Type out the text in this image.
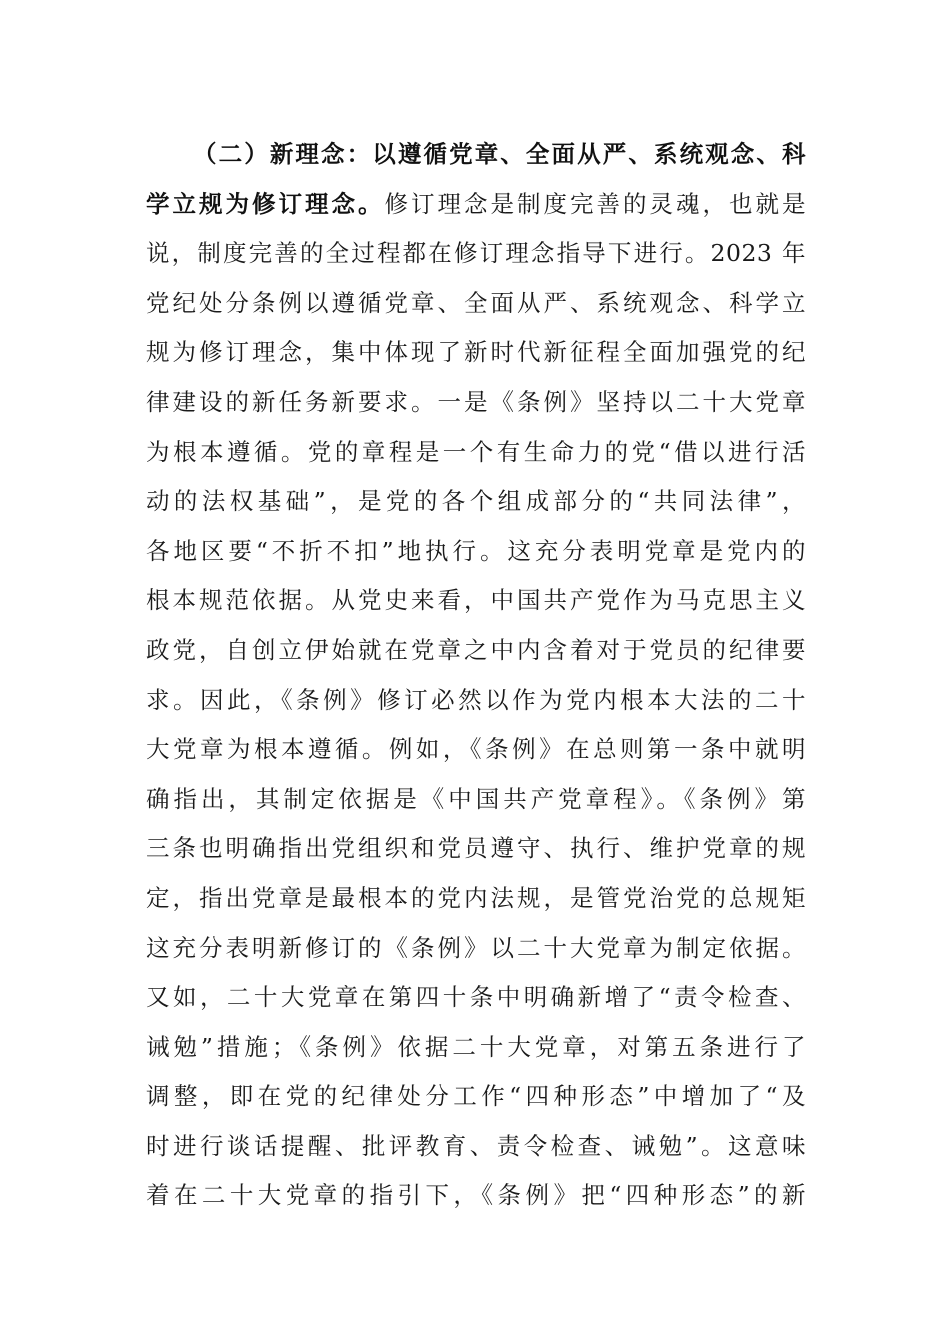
（二）新理念：以遵循党章、全面从严、系统观念、科
学立规为修订理念。修订理念是制度完善的灵魂，也就是
说，制度完善的全过程都在修订理念指导下进行。2023 年
党纪处分条例以遵循党章、全面从严、系统观念、科学立
规为修订理念，集中体现了新时代新征程全面加强党的纪
律建设的新任务新要求。一是《条例》坚持以二十大党章
为根本遵循。党的章程是一个有生命力的党“借以进行活
动的法权基础”，是党的各个组成部分的“共同法律”，
各地区要“不折不扣”地执行。这充分表明党章是党内的
根本规范依据。从党史来看，中国共产党作为马克思主义
政党，自创立伊始就在党章之中内含着对于党员的纪律要
求。因此，《条例》修订必然以作为党内根本大法的二十
大党章为根本遵循。例如，《条例》在总则第一条中就明
确指出，其制定依据是《中国共产党章程》。《条例》第
三条也明确指出党组织和党员遵守、执行、维护党章的规
定，指出党章是最根本的党内法规，是管党治党的总规矩
这充分表明新修订的《条例》以二十大党章为制定依据。
又如，二十大党章在第四十条中明确新增了“责令检查、
诫勉”措施；《条例》依据二十大党章，对第五条进行了
调整，即在党的纪律处分工作“四种形态”中增加了“及
时进行谈话提醒、批评教育、责令检查、诫勉”。这意味
着在二十大党章的指引下，《条例》把“四种形态”的新
